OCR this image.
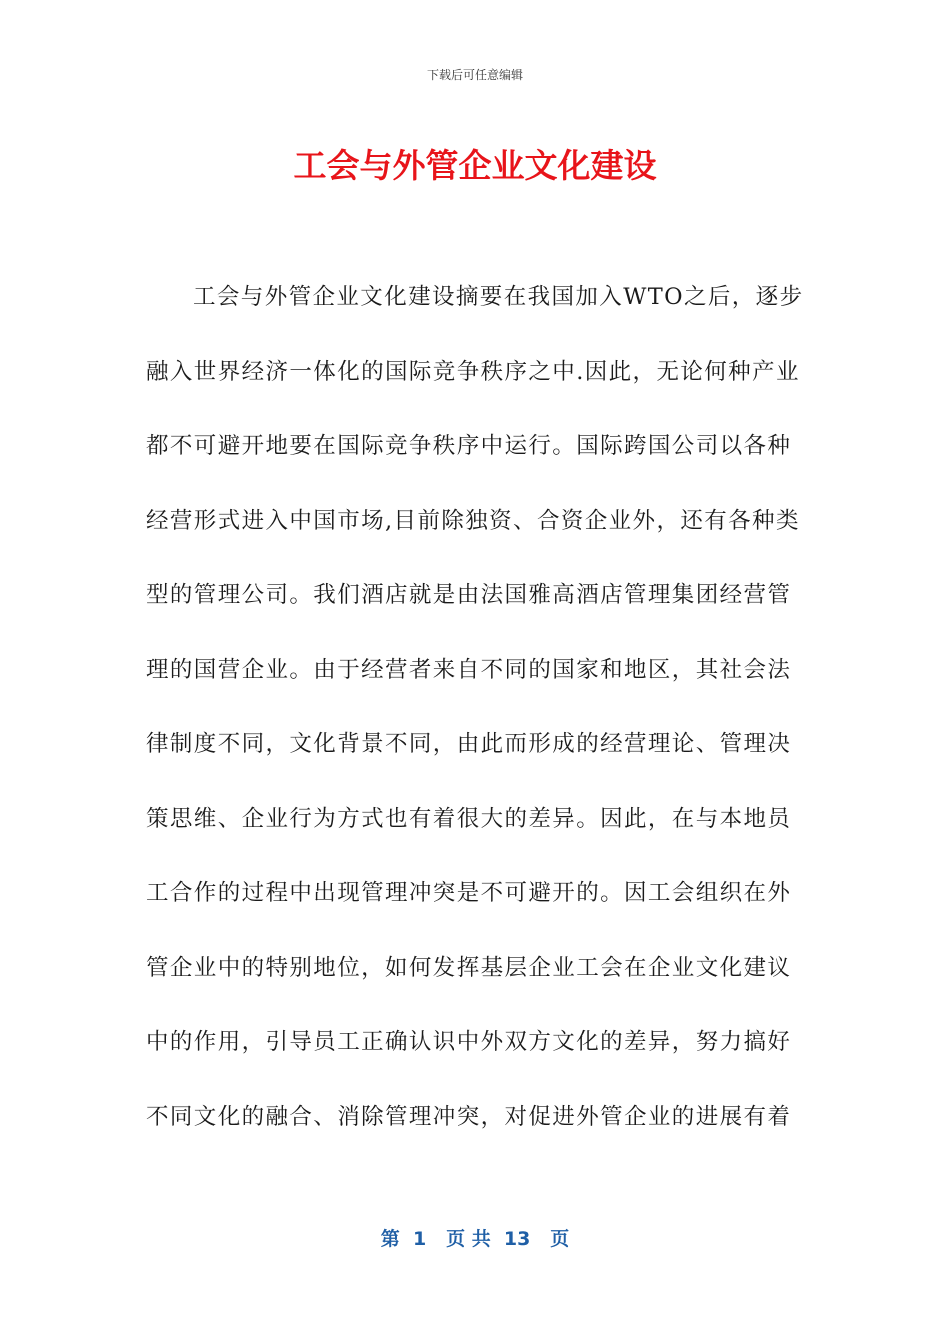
下载后可任意编辑
工会与外管企业文化建设
工会与外管企业文化建设摘要在我国加入WTO之后，逐步
融入世界经济一体化的国际竞争秩序之中.因此，无论何种产业
都不可避开地要在国际竞争秩序中运行。国际跨国公司以各种
经营形式进入中国市场,目前除独资、合资企业外，还有各种类
型的管理公司。我们酒店就是由法国雅高酒店管理集团经营管
理的国营企业。由于经营者来自不同的国家和地区，其社会法
律制度不同，文化背景不同，由此而形成的经营理论、管理决
策思维、企业行为方式也有着很大的差异。因此，在与本地员
工合作的过程中出现管理冲突是不可避开的。因工会组织在外
管企业中的特别地位，如何发挥基层企业工会在企业文化建议
中的作用，引导员工正确认识中外双方文化的差异，努力搞好
不同文化的融合、消除管理冲突，对促进外管企业的进展有着
第  1   页 共  13   页
